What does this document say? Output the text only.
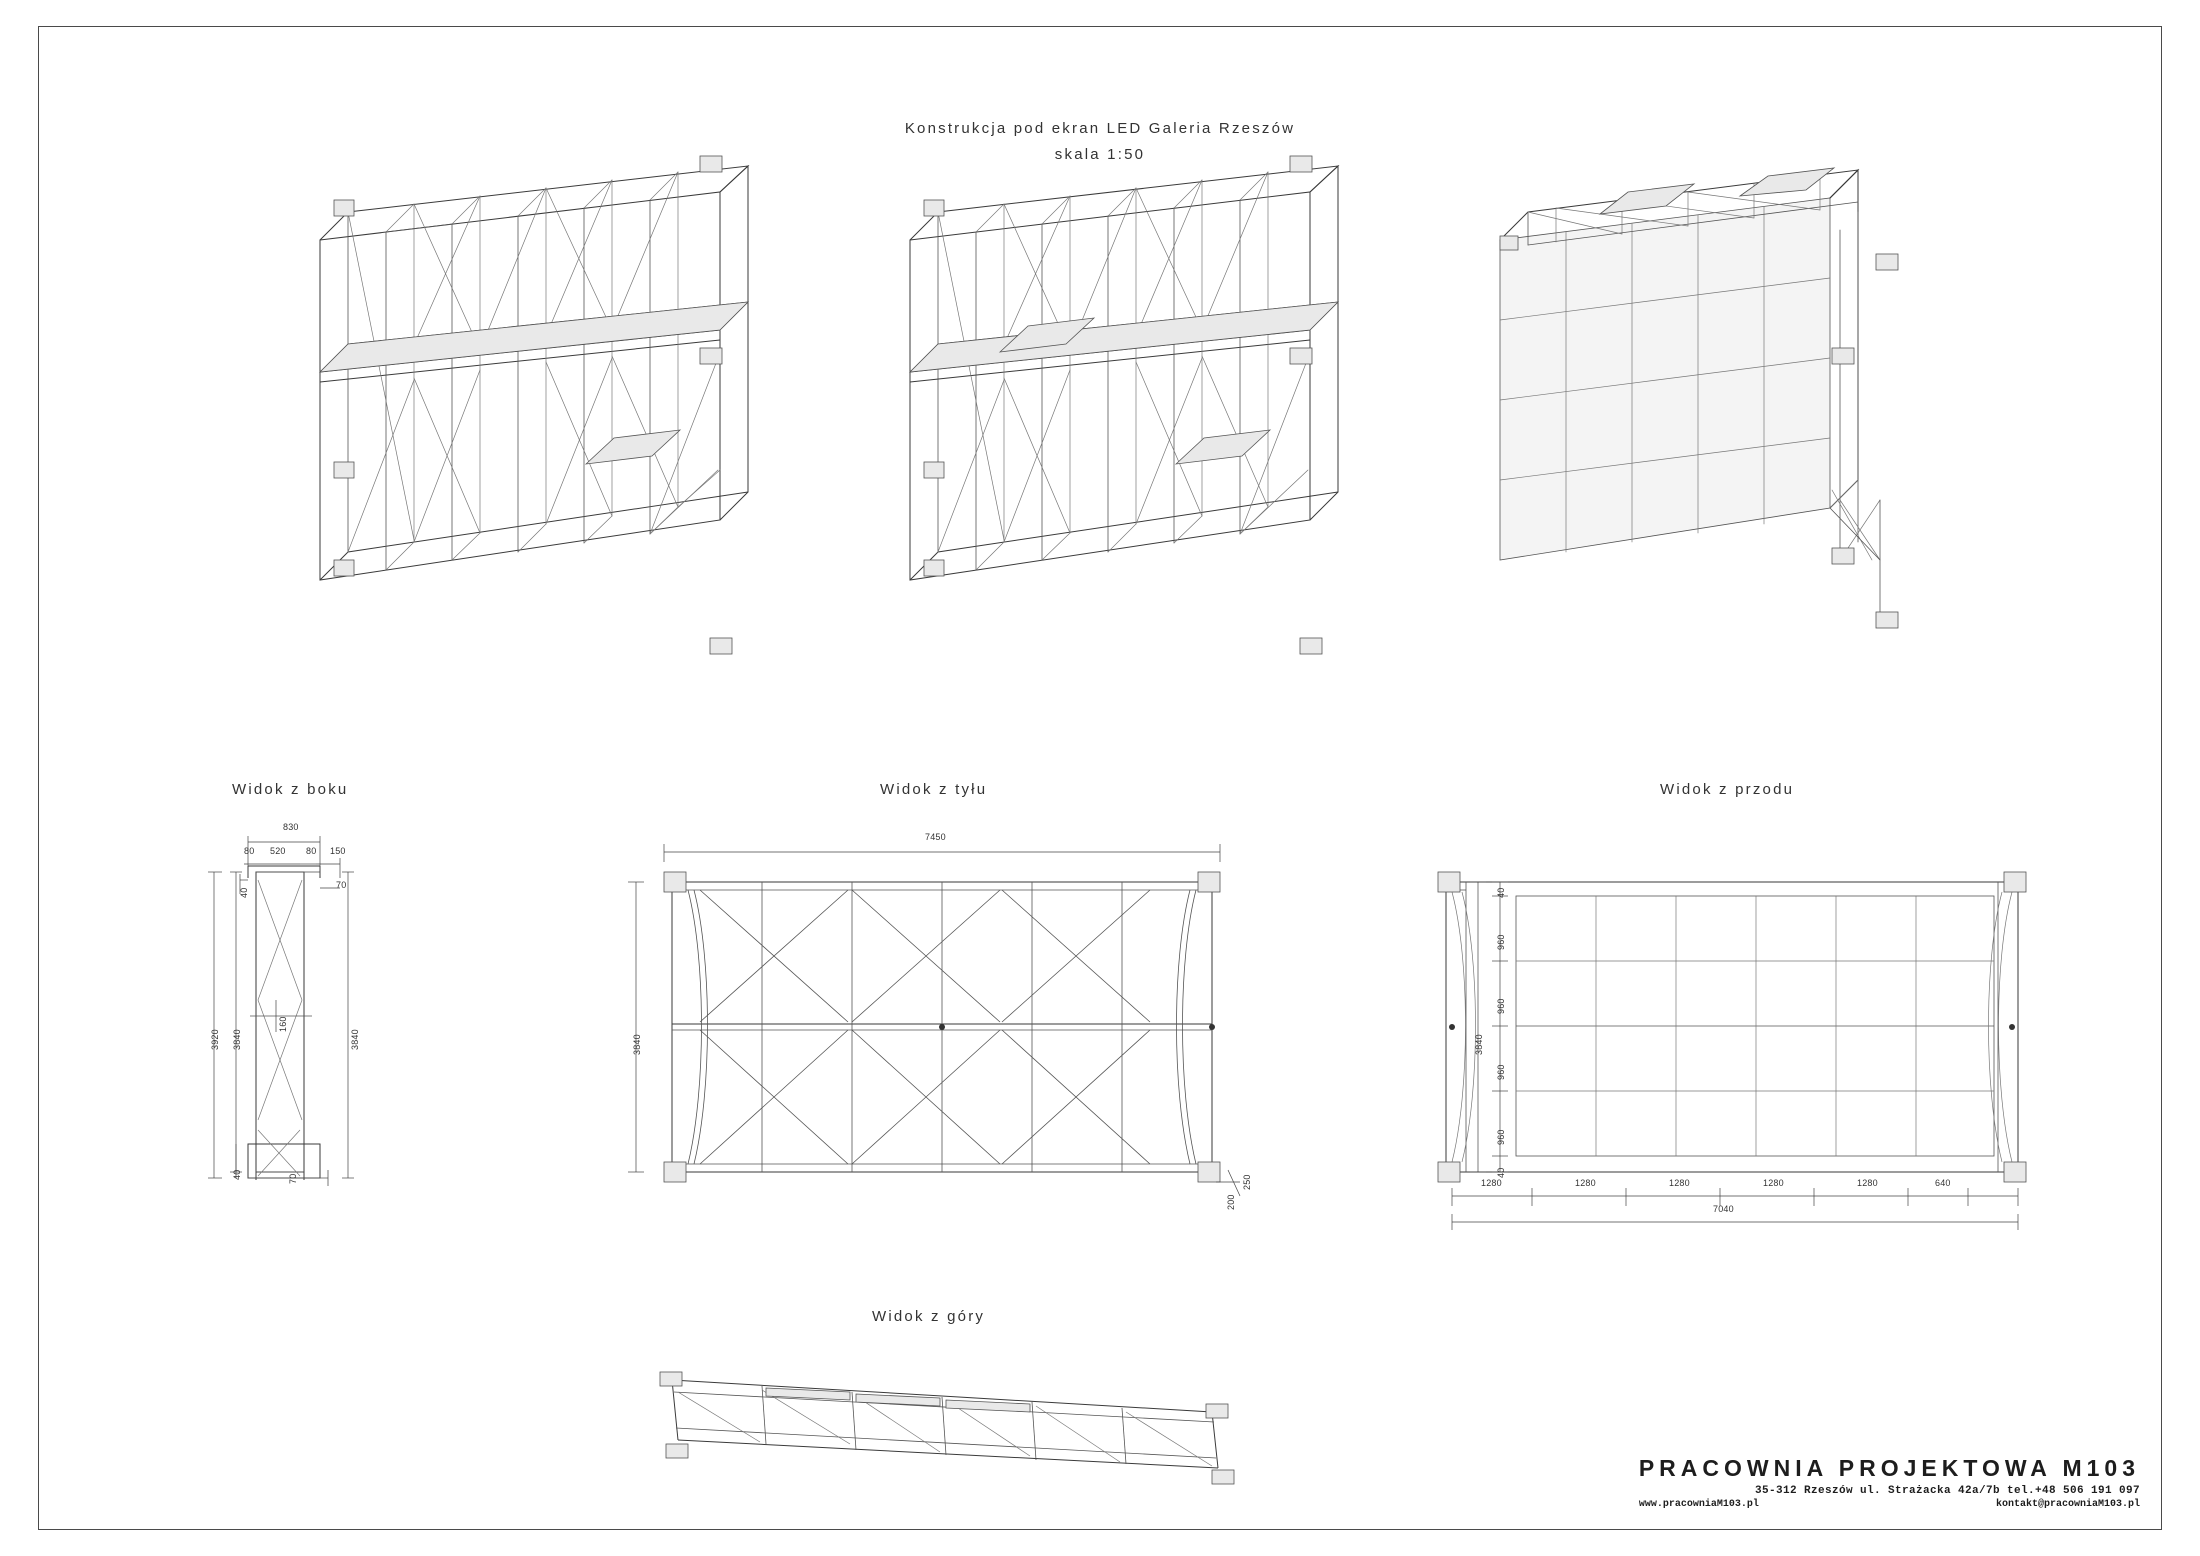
Konstrukcja pod ekran LED Galeria Rzeszów
skala 1:50
Widok z boku	Widok z tyłu	Widok z przodu
Widok z góry
830
80 520 80 150
40
70
3920 3840
160
3840
40	70
7450
3840
250
200
40
960
960
3840
960
960
40
1280	1280	1280	1280	1280	640
7040
PRACOWNIA PROJEKTOWA M103
35-312 Rzeszów ul. Strażacka 42a/7b tel.+48 506 191 097
www.pracowniaM103.pl	kontakt@pracowniaM103.pl
